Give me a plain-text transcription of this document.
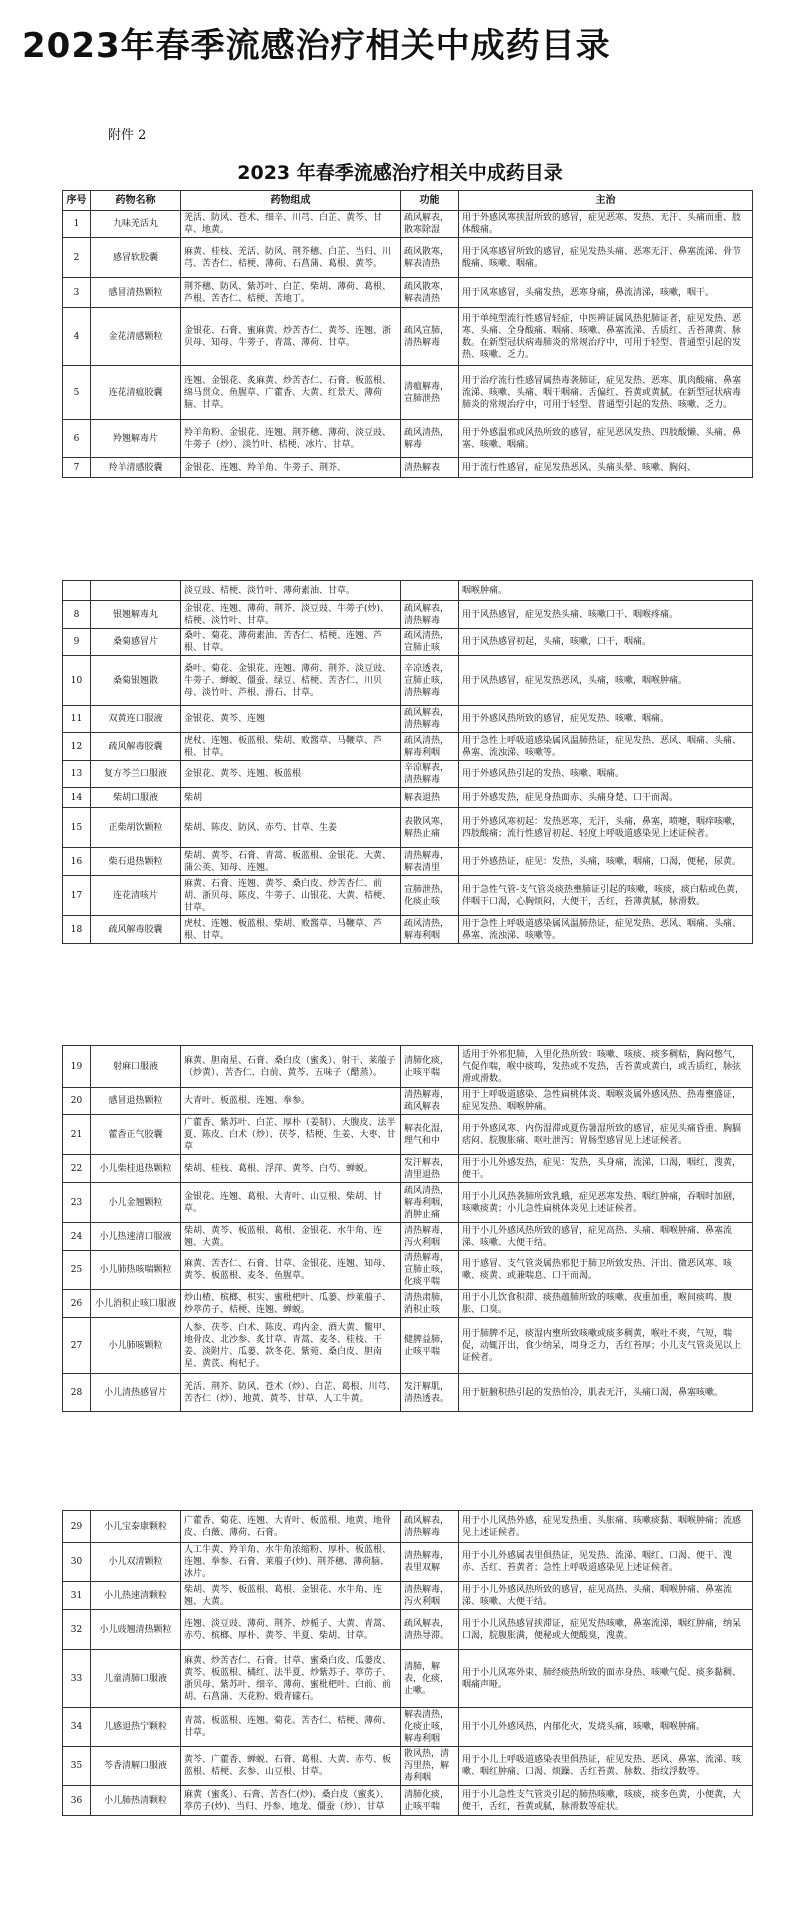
2023年春季流感治疗相关中成药目录
附件 2
2023 年春季流感治疗相关中成药目录
序号	药物名称	药物组成	功能	主治
1	九味羌活丸	羌活、防风、苍术、细辛、川芎、白芷、黄芩、甘草、地黄。	疏风解表，散寒除湿	用于外感风寒挟湿所致的感冒，症见恶寒、发热、无汗、头痛而重、肢体酸痛。
2	感冒软胶囊	麻黄、桂枝、羌活、防风、荆芥穗、白芷、当归、川芎、苦杏仁、桔梗、薄荷、石菖蒲、葛根、黄芩。	疏风散寒，解表清热	用于风寒感冒所致的感冒，症见发热头痛、恶寒无汗、鼻塞流涕、骨节酸痛、咳嗽、咽痛。
3	感冒清热颗粒	荆芥穗、防风、紫苏叶、白芷、柴胡、薄荷、葛根、芦根、苦杏仁、桔梗、苦地丁。	疏风散寒，解表清热	用于风寒感冒，头痛发热，恶寒身痛，鼻流清涕，咳嗽，咽干。
4	金花清感颗粒	金银花、石膏、蜜麻黄、炒苦杏仁、黄芩、连翘、浙贝母、知母、牛蒡子、青蒿、薄荷、甘草。	疏风宣肺，清热解毒	用于单纯型流行性感冒轻症，中医辨证属风热犯肺证者，症见发热、恶寒、头痛、全身酸痛、咽痛、咳嗽、鼻塞流涕、舌质红、舌苔薄黄、脉数。在新型冠状病毒肺炎的常规治疗中，可用于轻型、普通型引起的发热、咳嗽、乏力。
5	连花清瘟胶囊	连翘、金银花、炙麻黄、炒苦杏仁、石膏、板蓝根、绵马贯众、鱼腥草、广藿香、大黄、红景天、薄荷脑、甘草。	清瘟解毒，宣肺泄热	用于治疗流行性感冒属热毒袭肺证，症见发热、恶寒、肌肉酸痛、鼻塞流涕、咳嗽、头痛、咽干咽痛、舌偏红、苔黄或黄腻。在新型冠状病毒肺炎的常规治疗中，可用于轻型、普通型引起的发热、咳嗽、乏力。
6	羚翘解毒片	羚羊角粉、金银花、连翘、荆芥穗、薄荷、淡豆豉、牛蒡子（炒）、淡竹叶、桔梗、冰片、甘草。	疏风清热，解毒	用于外感温邪或风热所致的感冒，症见恶风发热、四肢酸懒、头痛、鼻塞、咳嗽、咽痛。
7	羚羊清感胶囊	金银花、连翘、羚羊角、牛蒡子、荆芥、	清热解表	用于流行性感冒，症见发热恶风、头痛头晕、咳嗽、胸闷、
		淡豆豉、桔梗、淡竹叶、薄荷素油、甘草。		咽喉肿痛。
8	银翘解毒丸	金银花、连翘、薄荷、荆芥、淡豆豉、牛蒡子(炒)、桔梗、淡竹叶、甘草。	疏风解表，清热解毒	用于风热感冒，症见发热头痛、咳嗽口干、咽喉疼痛。
9	桑菊感冒片	桑叶、菊花、薄荷素油、苦杏仁、桔梗、连翘、芦根、甘草。	疏风清热，宣肺止咳	用于风热感冒初起，头痛，咳嗽，口干，咽痛。
10	桑菊银翘散	桑叶、菊花、金银花、连翘、薄荷、荆芥、淡豆豉、牛蒡子、蝉蜕、僵蚕、绿豆、桔梗、苦杏仁、川贝母、淡竹叶、芦根、滑石、甘草。	辛凉透表，宣肺止咳，清热解毒	用于风热感冒，症见发热恶风，头痛，咳嗽，咽喉肿痛。
11	双黄连口服液	金银花、黄芩、连翘	疏风解表，清热解毒	用于外感风热所致的感冒，症见发热、咳嗽、咽痛。
12	疏风解毒胶囊	虎杖、连翘、板蓝根、柴胡、败酱草、马鞭草、芦根、甘草。	疏风清热，解毒利咽	用于急性上呼吸道感染属风温肺热证，症见发热、恶风、咽痛、头痛、鼻塞、流浊涕、咳嗽等。
13	复方芩兰口服液	金银花、黄芩、连翘、板蓝根	辛凉解表，清热解毒	用于外感风热引起的发热、咳嗽、咽痛。
14	柴胡口服液	柴胡	解表退热	用于外感发热，症见身热面赤、头痛身楚、口干而渴。
15	正柴胡饮颗粒	柴胡、陈皮、防风、赤芍、甘草、生姜	表散风寒，解热止痛	用于外感风寒初起：发热恶寒，无汗，头痛，鼻塞，喷嚏，咽痒咳嗽，四肢酸痛；流行性感冒初起、轻度上呼吸道感染见上述证候者。
16	柴石退热颗粒	柴胡、黄芩、石膏、青蒿、板蓝根、金银花、大黄、蒲公英、知母、连翘。	清热解毒，解表清里	用于外感热证，症见：发热，头痛，咳嗽，咽痛，口渴，便秘，尿黄。
17	连花清咳片	麻黄、石膏、连翘、黄芩、桑白皮、炒苦杏仁、前胡、浙贝母、陈皮、牛蒡子、山银花、大黄、桔梗、甘草。	宣肺泄热，化痰止咳	用于急性气管-支气管炎痰热壅肺证引起的咳嗽，咳痰，痰白粘或色黄，伴咽干口渴，心胸烦闷，大便干，舌红，苔薄黄腻，脉滑数。
18	疏风解毒胶囊	虎杖、连翘、板蓝根、柴胡、败酱草、马鞭草、芦根、甘草。	疏风清热，解毒利咽	用于急性上呼吸道感染属风温肺热证，症见发热、恶风、咽痛、头痛、鼻塞、流浊涕、咳嗽等。
19	射麻口服液	麻黄、胆南星、石膏、桑白皮（蜜炙）、射干、莱菔子（炒黄）、苦杏仁、白前、黄芩、五味子（醋蒸）。	清肺化痰，止咳平喘	适用于外邪犯肺，入里化热所致：咳嗽、咳痰、痰多稠粘，胸闷憋气，气促作喘，喉中痰鸣，发热或不发热，舌苔黄或黄白，或舌质红，脉弦滑或滑数。
20	感冒退热颗粒	大青叶、板蓝根、连翘、拳参。	清热解毒，疏风解表	用于上呼吸道感染、急性扁桃体炎、咽喉炎属外感风热、热毒壅盛证，症见发热、咽喉肿痛。
21	藿香正气胶囊	广藿香、紫苏叶、白芷、厚朴（姜制）、大腹皮、法半夏、陈皮、白术（炒）、茯苓、桔梗、生姜、大枣、甘草	解表化湿，理气和中	用于外感风寒、内伤湿滞或夏伤暑湿所致的感冒，症见头痛昏重、胸膈痞闷、脘腹胀痛、呕吐泄泻；胃肠型感冒见上述证候者。
22	小儿柴桂退热颗粒	柴胡、桂枝、葛根、浮萍、黄芩、白芍、蝉蜕。	发汗解表，清里退热	用于小儿外感发热，症见：发热，头身痛，流涕，口渴，咽红，溲黄，便干。
23	小儿金翘颗粒	金银花、连翘、葛根、大青叶、山豆根、柴胡、甘草。	疏风清热，解毒利咽，消肿止痛	用于小儿风热袭肺所致乳蛾，症见恶寒发热、咽红肿痛，吞咽时加剧，咳嗽痰黄；小儿急性扁桃体炎见上述证候者。
24	小儿热速清口服液	柴胡、黄芩、板蓝根、葛根、金银花、水牛角、连翘、大黄。	清热解毒，泻火利咽	用于小儿外感风热所致的感冒，症见高热、头痛、咽喉肿痛、鼻塞流涕、咳嗽、大便干结。
25	小儿肺热咳喘颗粒	麻黄、苦杏仁、石膏、甘草、金银花、连翘、知母、黄芩、板蓝根、麦冬、鱼腥草。	清热解毒，宣肺止咳，化痰平喘	用于感冒、支气管炎属热邪犯于肺卫所致发热、汗出、微恶风寒、咳嗽、痰黄、或兼喘息、口干而渴。
26	小儿消积止咳口服液	炒山楂、槟榔、枳实、蜜枇杷叶、瓜蒌、炒莱菔子、炒葶苈子、桔梗、连翘、蝉蜕。	清热肃肺，消积止咳	用于小儿饮食积滞、痰热蕴肺所致的咳嗽、夜重加重，喉间痰鸣、腹胀、口臭。
27	小儿肺咳颗粒	人参、茯苓、白术、陈皮、鸡内金、酒大黄、鳖甲、地骨皮、北沙参、炙甘草、青蒿、麦冬、桂枝、干姜、淡附片、瓜蒌、款冬花、紫菀、桑白皮、胆南星、黄芪、枸杞子。	健脾益肺，止咳平喘	用于肺脾不足，痰湿内壅所致咳嗽或痰多稠黄，喉吐不爽，气短，喘促，动辄汗出，食少纳呆，周身乏力，舌红苔厚；小儿支气管炎见以上证候者。
28	小儿清热感冒片	羌活、荆芥、防风、苍术（炒）、白芷、葛根、川芎、苦杏仁（炒）、地黄、黄芩、甘草、人工牛黄。	发汗解肌，清热透表。	用于脏腑积热引起的发热怕冷，肌表无汗，头痛口渴，鼻塞咳嗽。
29	小儿宝泰康颗粒	广藿香、菊花、连翘、大青叶、板蓝根、地黄、地骨皮、白薇、薄荷、石膏。	疏风解表，清热解毒	用于小儿风热外感，症见发热重、头胀痛、咳嗽痰黏、咽喉肿痛；流感见上述证候者。
30	小儿双清颗粒	人工牛黄、羚羊角、水牛角浓缩粉、厚朴、板蓝根、连翘、拳参、石膏、莱菔子(炒)、荆芥穗、薄荷脑、冰片。	清热解毒，表里双解	用于小儿外感属表里俱热证，见发热、流涕、咽红、口渴、便干、溲赤、舌红、苔黄者；急性上呼吸道感染见上述证候者。
31	小儿热速清颗粒	柴胡、黄芩、板蓝根、葛根、金银花、水牛角、连翘、大黄。	清热解毒，泻火利咽	用于小儿外感风热所致的感冒，症见高热、头痛、咽喉肿痛、鼻塞流涕、咳嗽、大便干结。
32	小儿豉翘清热颗粒	连翘、淡豆豉、薄荷、荆芥、炒栀子、大黄、青蒿、赤芍、槟榔、厚朴、黄芩、半夏、柴胡、甘草。	疏风解表，清热导滞。	用于小儿风热感冒挟滞证，症见发热咳嗽，鼻塞流涕，咽红肿痛，纳呆口渴，脘腹胀满，便秘或大便酸臭，溲黄。
33	儿童清肺口服液	麻黄、炒苦杏仁、石膏、甘草、蜜桑白皮、瓜蒌皮、黄芩、板蓝根、橘红、法半夏、炒紫苏子、葶苈子、浙贝母、紫苏叶、细辛、薄荷、蜜枇杷叶、白前、前胡、石菖蒲、天花粉、煅青礞石。	清肺，解表，化痰，止嗽。	用于小儿风寒外束、肺经痰热所致的面赤身热、咳嗽气促、痰多黏稠、咽痛声哑。
34	儿感退热宁颗粒	青蒿、板蓝根、连翘、菊花、苦杏仁、桔梗、薄荷、甘草。	解表清热，化痰止咳，解毒利咽	用于小儿外感风热，内郁化火，发烧头痛，咳嗽，咽喉肿痛。
35	芩香清解口服液	黄芩、广藿香、蝉蜕、石膏、葛根、大黄、赤芍、板蓝根、桔梗、玄参、山豆根、甘草。	散风热，清泻里热，解毒利咽	用于小儿上呼吸道感染表里俱热证，症见发热、恶风、鼻塞、流涕、咳嗽、咽红肿痛、口渴、烦躁、舌红苔黄、脉数、指纹浮数等。
36	小儿肺热清颗粒	麻黄（蜜炙）、石膏、苦杏仁(炒)、桑白皮（蜜炙）、葶苈子(炒)、当归、丹参、地龙、僵蚕（炒）、甘草	清肺化痰，止咳平喘	用于小儿急性支气管炎引起的肺热咳嗽，咳痰，痰多色黄，小便黄，大便干，舌红，苔黄或腻，脉滑数等症状。
